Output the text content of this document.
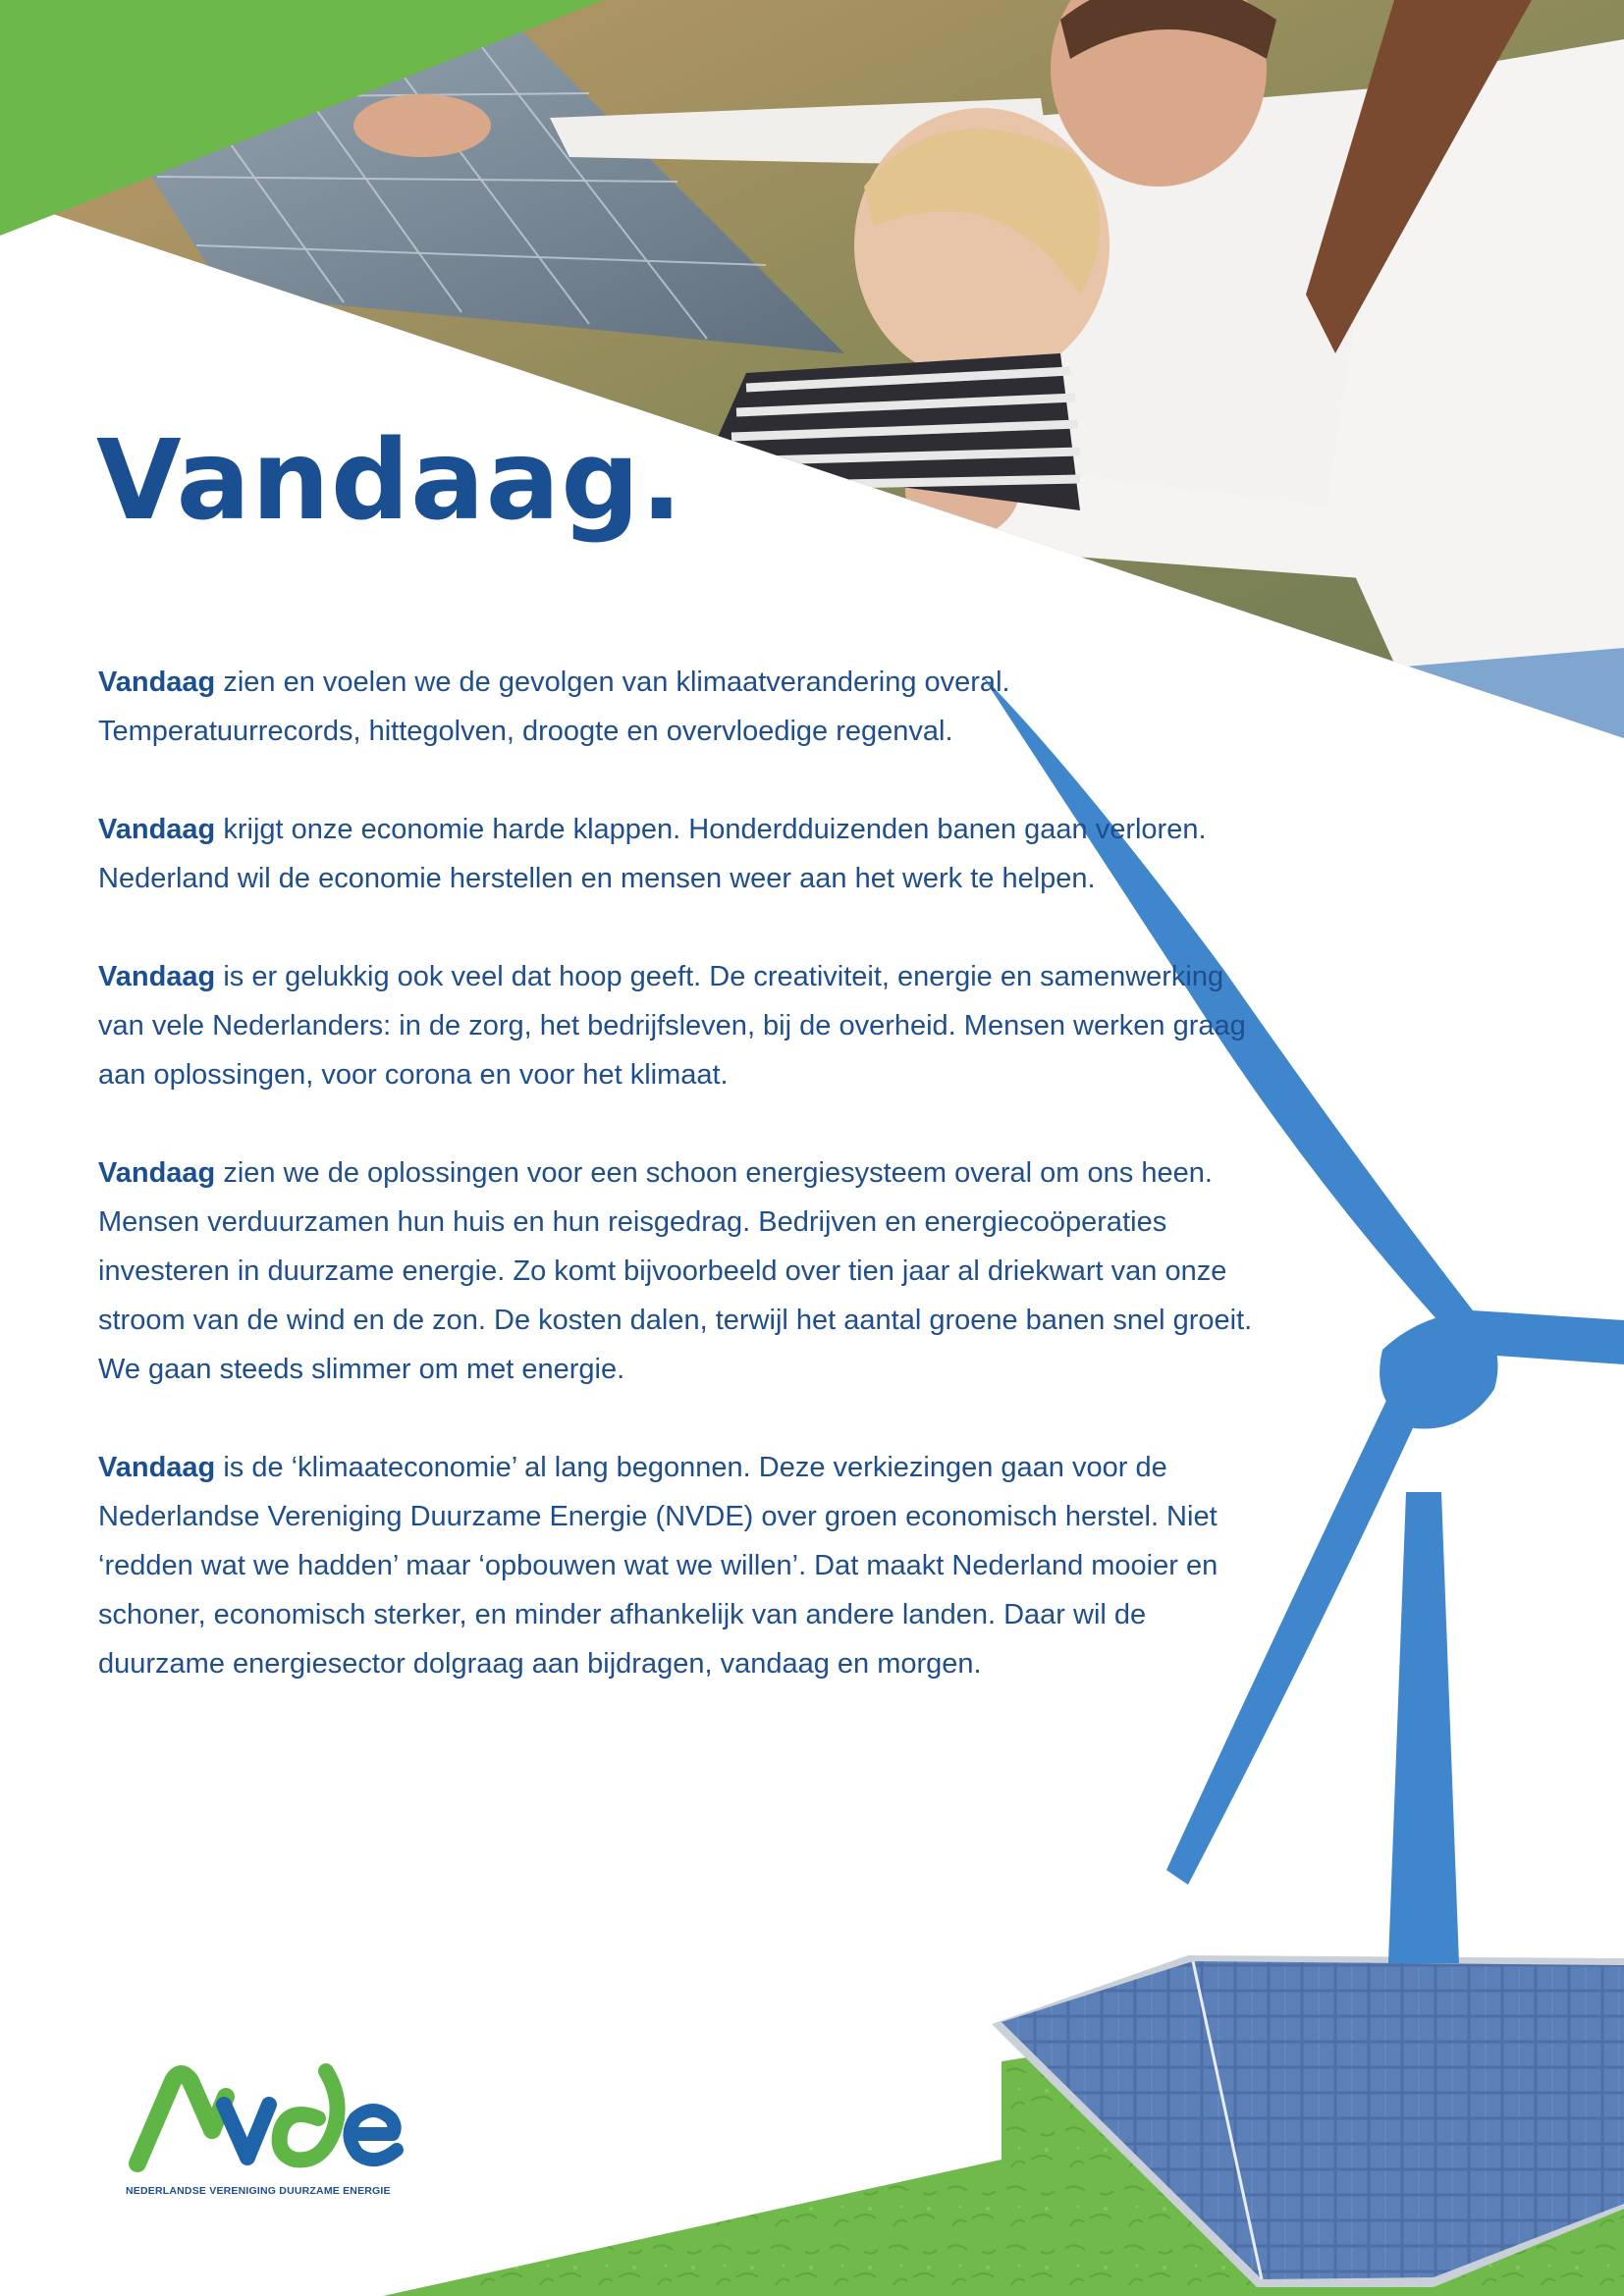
Vandaag.

Vandaag zien en voelen we de gevolgen van klimaatverandering overal. Temperatuurrecords, hittegolven, droogte en overvloedige regenval.

Vandaag krijgt onze economie harde klappen. Honderdduizenden banen gaan verloren. Nederland wil de economie herstellen en mensen weer aan het werk te helpen.

Vandaag is er gelukkig ook veel dat hoop geeft. De creativiteit, energie en samenwerking van vele Nederlanders: in de zorg, het bedrijfsleven, bij de overheid. Mensen werken graag aan oplossingen, voor corona en voor het klimaat.

Vandaag zien we de oplossingen voor een schoon energiesysteem overal om ons heen. Mensen verduurzamen hun huis en hun reisgedrag. Bedrijven en energiecoöperaties investeren in duurzame energie. Zo komt bijvoorbeeld over tien jaar al driekwart van onze stroom van de wind en de zon. De kosten dalen, terwijl het aantal groene banen snel groeit. We gaan steeds slimmer om met energie.

Vandaag is de ‘klimaateconomie’ al lang begonnen. Deze verkiezingen gaan voor de Nederlandse Vereniging Duurzame Energie (NVDE) over groen economisch herstel. Niet ‘redden wat we hadden’ maar ‘opbouwen wat we willen’. Dat maakt Nederland mooier en schoner, economisch sterker, en minder afhankelijk van andere landen. Daar wil de duurzame energiesector dolgraag aan bijdragen, vandaag en morgen.

NEDERLANDSE VERENIGING DUURZAME ENERGIE
